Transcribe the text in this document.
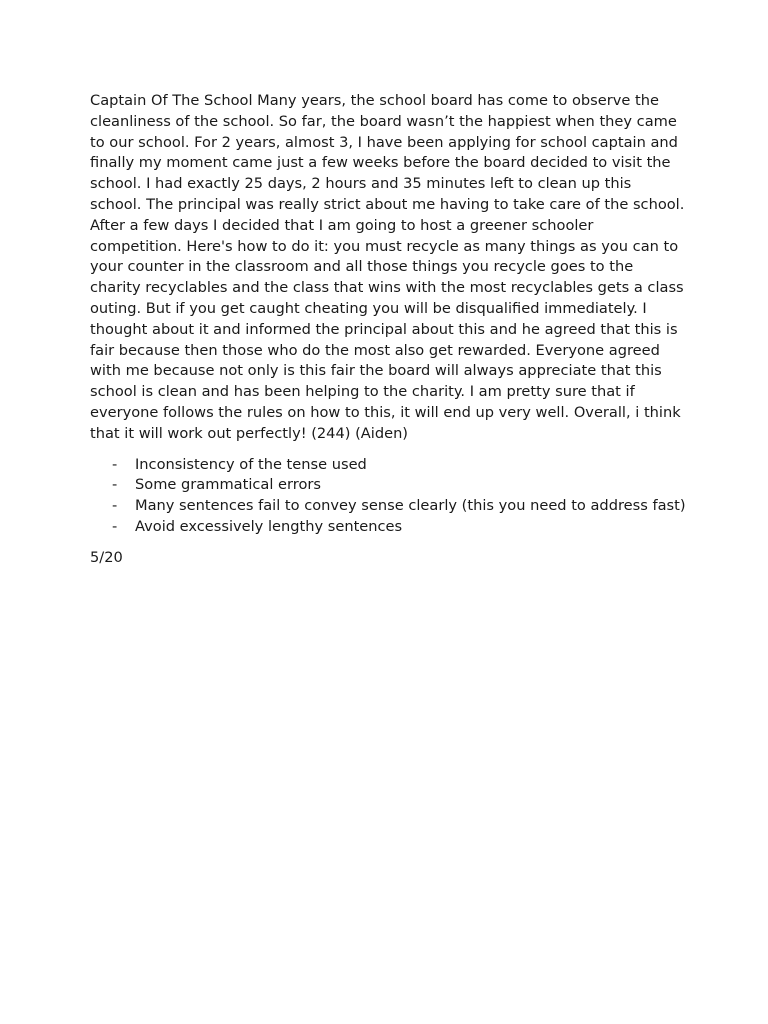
Captain Of The School Many years, the school board has come to observe the cleanliness of the school. So far, the board wasn’t the happiest when they came to our school. For 2 years, almost 3, I have been applying for school captain and finally my moment came just a few weeks before the board decided to visit the school. I had exactly 25 days, 2 hours and 35 minutes left to clean up this school. The principal was really strict about me having to take care of the school. After a few days I decided that I am going to host a greener schooler competition. Here's how to do it: you must recycle as many things as you can to your counter in the classroom and all those things you recycle goes to the charity recyclables and the class that wins with the most recyclables gets a class outing. But if you get caught cheating you will be disqualified immediately. I thought about it and informed the principal about this and he agreed that this is fair because then those who do the most also get rewarded. Everyone agreed with me because not only is this fair the board will always appreciate that this school is clean and has been helping to the charity. I am pretty sure that if everyone follows the rules on how to this, it will end up very well. Overall, i think that it will work out perfectly! (244) (Aiden)

- Inconsistency of the tense used
- Some grammatical errors
- Many sentences fail to convey sense clearly (this you need to address fast)
- Avoid excessively lengthy sentences

5/20
